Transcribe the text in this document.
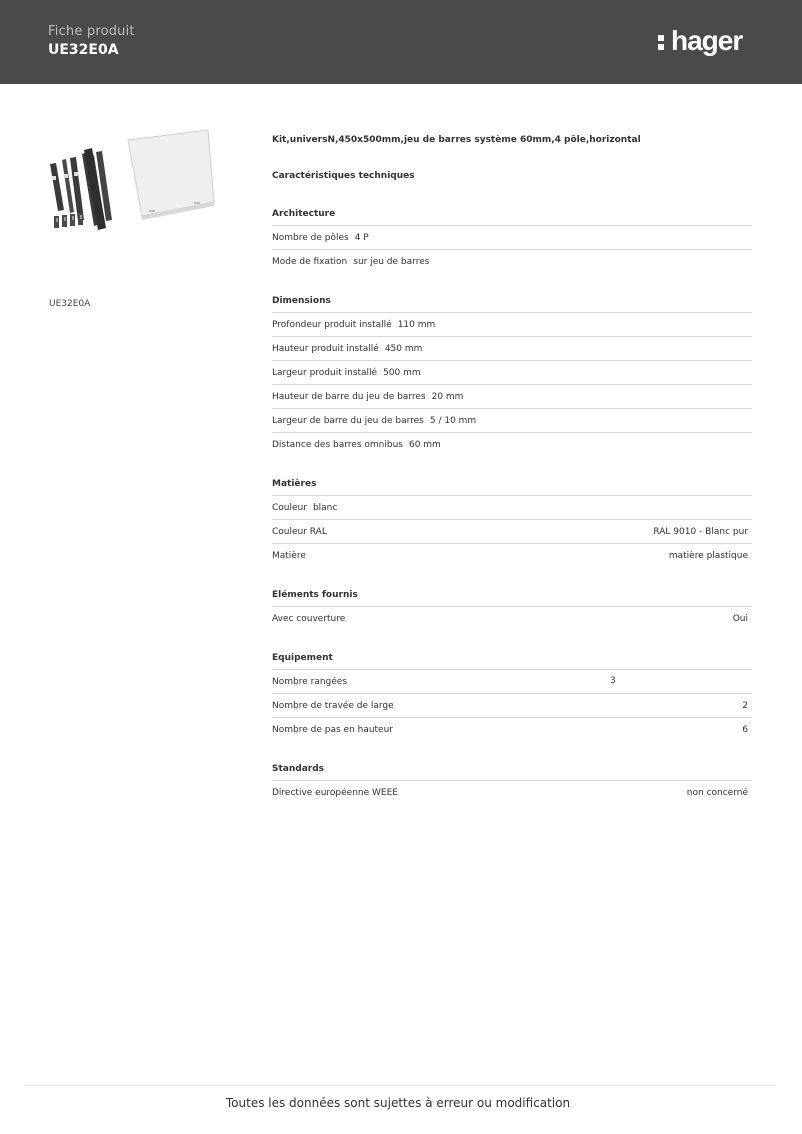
Fiche produit
UE32E0A	hager
UE32E0A
Kit,universN,450x500mm,jeu de barres système 60mm,4 pôle,horizontal
Caractéristiques techniques
Architecture
Nombre de pôles 4 P
Mode de fixation sur jeu de barres
Dimensions
Profondeur produit installé 110 mm
Hauteur produit installé 450 mm
Largeur produit installé 500 mm
Hauteur de barre du jeu de barres 20 mm
Largeur de barre du jeu de barres 5 / 10 mm
Distance des barres omnibus 60 mm
Matières
Couleur blanc
Couleur RAL	RAL 9010 - Blanc pur
Matière	matière plastique
Eléments fournis
Avec couverture	Oui
Equipement
Nombre rangées	3
Nombre de travée de large	2
Nombre de pas en hauteur	6
Standards
Directive européenne WEEE	non concerné
Toutes les données sont sujettes à erreur ou modification
